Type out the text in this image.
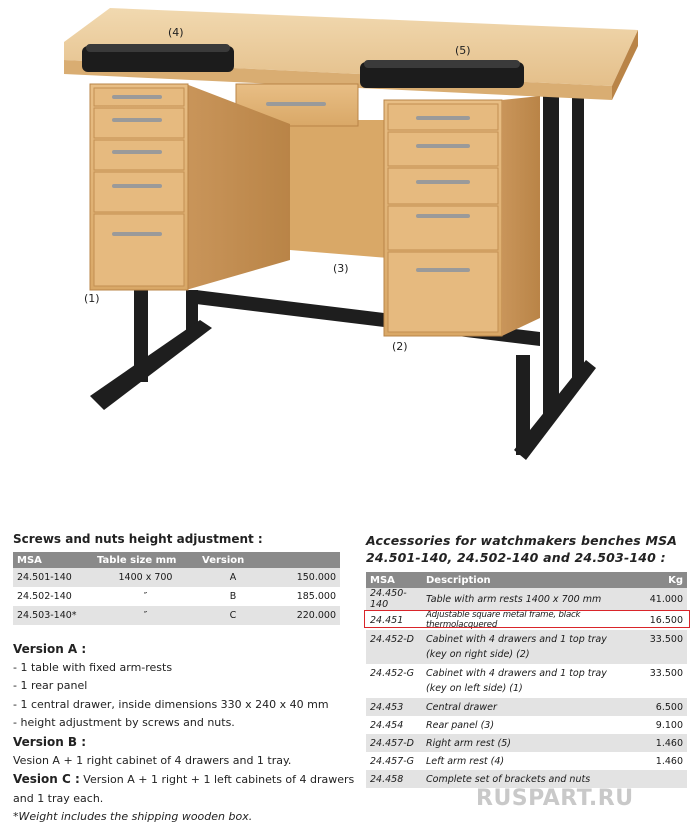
(4)
(5)
(3)
(1)
(2)
Screws and nuts height adjustment :
MSA	Table size mm	Version	
24.501-140	1400 x 700	A	150.000
24.502-140	″	B	185.000
24.503-140*	″	C	220.000
Version A :
- 1 table with fixed arm-rests
- 1 rear panel
- 1 central drawer, inside dimensions 330 x 240 x 40 mm
- height adjustment by screws and nuts.
Version B :
Vesion A + 1 right cabinet of 4 drawers and 1 tray.
Vesion C : Version A + 1 right + 1 left cabinets of 4 drawers and 1 tray each.
*Weight includes the shipping wooden box.
Accessories for watchmakers benches MSA
24.501-140, 24.502-140 and 24.503-140 :
MSA	Description	Kg
24.450-140	Table with arm rests 1400 x 700 mm	41.000
24.451	Adjustable square metal frame, black thermolacquered	16.500
24.452-D	Cabinet with 4 drawers and 1 top tray
(key on right side) (2)	33.500
24.452-G	Cabinet with 4 drawers and 1 top tray
(key on left side) (1)	33.500
24.453	Central drawer	6.500
24.454	Rear panel (3)	9.100
24.457-D	Right arm rest (5)	1.460
24.457-G	Left arm rest (4)	1.460
24.458	Complete set of brackets and nuts	
RUSPART.RU
